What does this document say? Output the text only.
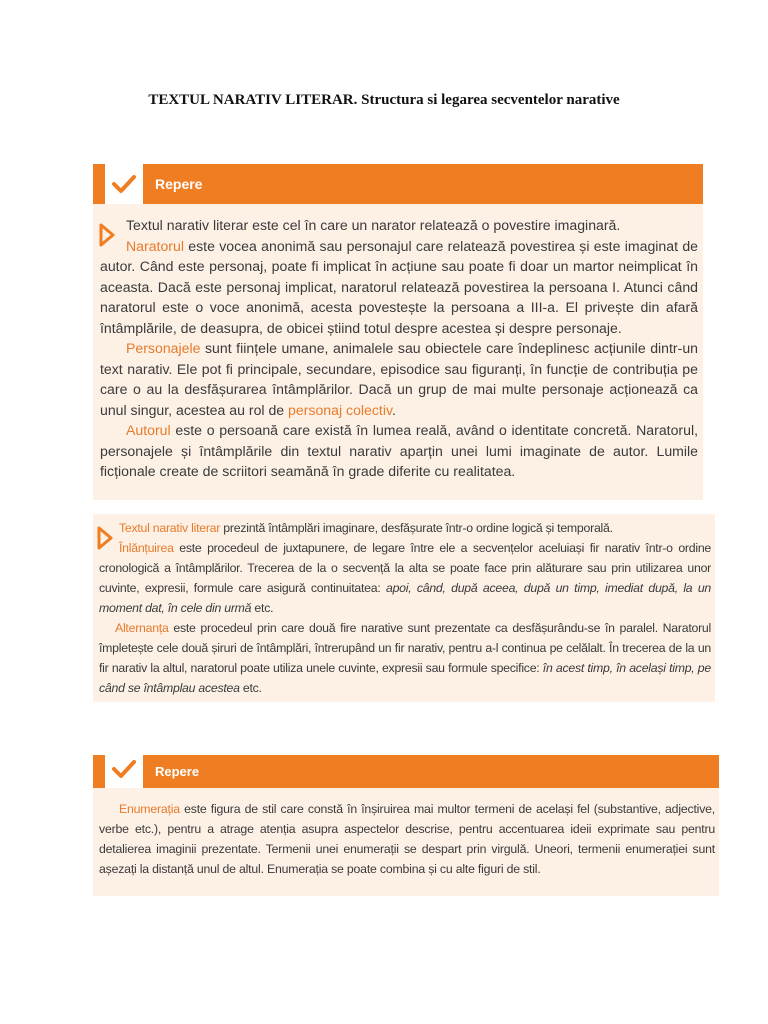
TEXTUL NARATIV LITERAR. Structura si legarea secventelor narative
Repere
Textul narativ literar este cel în care un narator relatează o povestire imaginară.
Naratorul este vocea anonimă sau personajul care relatează povestirea și este imaginat de autor. Când este personaj, poate fi implicat în acțiune sau poate fi doar un martor neimplicat în aceasta. Dacă este personaj implicat, naratorul relatează povestirea la persoana I. Atunci când naratorul este o voce anonimă, acesta povestește la persoana a III-a. El privește din afară întâmplările, de deasupra, de obicei știind totul despre acestea și despre personaje.
Personajele sunt ființele umane, animalele sau obiectele care îndeplinesc acțiunile dintr-un text narativ. Ele pot fi principale, secundare, episodice sau figuranți, în funcție de contribuția pe care o au la desfășurarea întâmplărilor. Dacă un grup de mai multe personaje acționează ca unul singur, acestea au rol de personaj colectiv.
Autorul este o persoană care există în lumea reală, având o identitate concretă. Naratorul, personajele și întâmplările din textul narativ aparțin unei lumi imaginate de autor. Lumile ficționale create de scriitori seamănă în grade diferite cu realitatea.
Textul narativ literar prezintă întâmplări imaginare, desfășurate într-o ordine logică și temporală.
Înlănțuirea este procedeul de juxtapunere, de legare între ele a secvențelor aceluiași fir narativ într-o ordine cronologică a întâmplărilor. Trecerea de la o secvență la alta se poate face prin alăturare sau prin utilizarea unor cuvinte, expresii, formule care asigură continuitatea: apoi, când, după aceea, după un timp, imediat după, la un moment dat, în cele din urmă etc.
Alternanța este procedeul prin care două fire narative sunt prezentate ca desfășurându-se în paralel. Naratorul împletește cele două șiruri de întâmplări, întrerupând un fir narativ, pentru a-l continua pe celălalt. În trecerea de la un fir narativ la altul, naratorul poate utiliza unele cuvinte, expresii sau formule specifice: în acest timp, în același timp, pe când se întâmplau acestea etc.
Repere
Enumerația este figura de stil care constă în înșiruirea mai multor termeni de același fel (substantive, adjective, verbe etc.), pentru a atrage atenția asupra aspectelor descrise, pentru accentuarea ideii exprimate sau pentru detalierea imaginii prezentate. Termenii unei enumerații se despart prin virgulă. Uneori, termenii enumerației sunt așezați la distanță unul de altul. Enumerația se poate combina și cu alte figuri de stil.
